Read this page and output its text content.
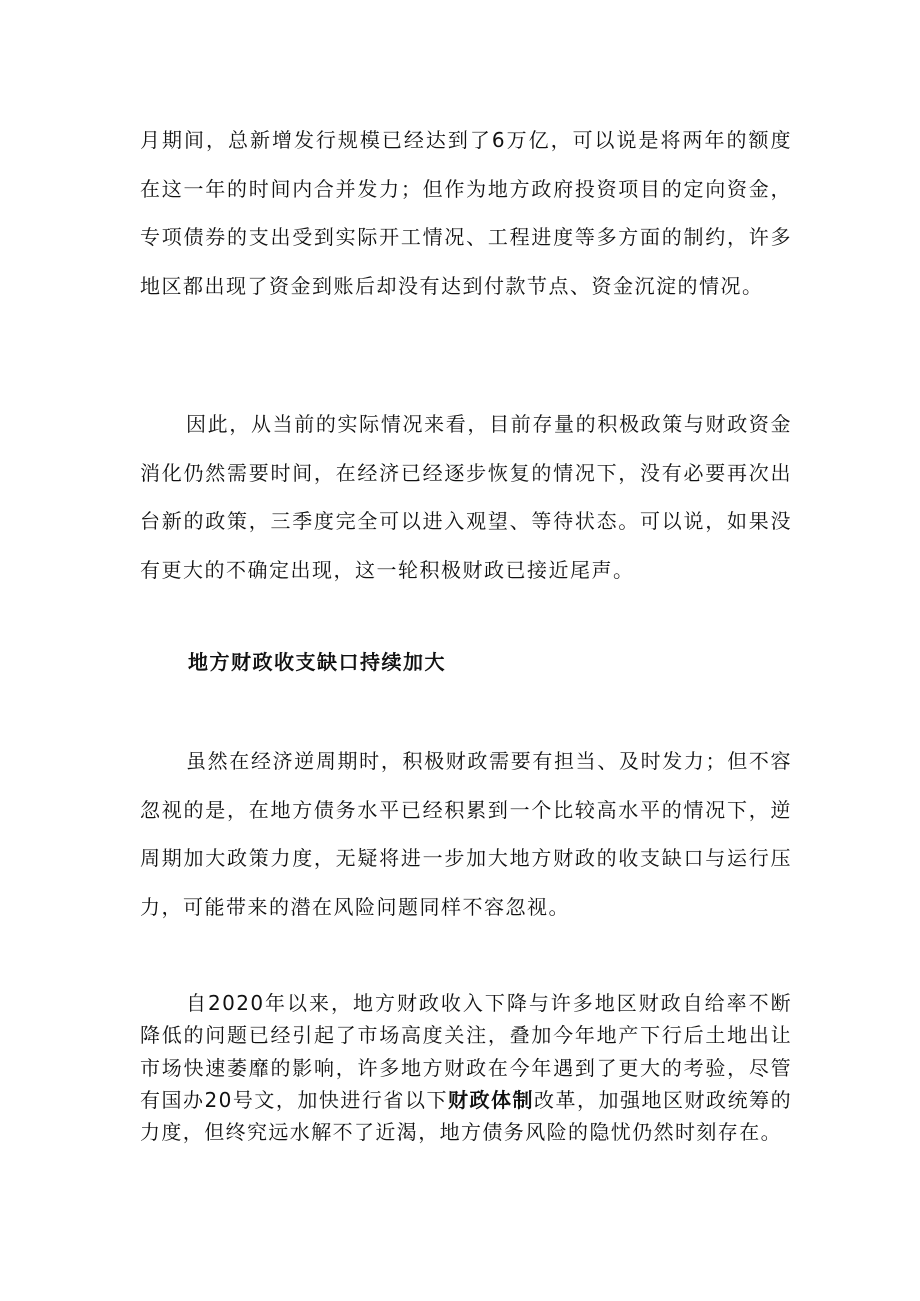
月期间，总新增发行规模已经达到了6万亿，可以说是将两年的额度在这一年的时间内合并发力；但作为地方政府投资项目的定向资金，专项债券的支出受到实际开工情况、工程进度等多方面的制约，许多地区都出现了资金到账后却没有达到付款节点、资金沉淀的情况。

因此，从当前的实际情况来看，目前存量的积极政策与财政资金消化仍然需要时间，在经济已经逐步恢复的情况下，没有必要再次出台新的政策，三季度完全可以进入观望、等待状态。可以说，如果没有更大的不确定出现，这一轮积极财政已接近尾声。

地方财政收支缺口持续加大

虽然在经济逆周期时，积极财政需要有担当、及时发力；但不容忽视的是，在地方债务水平已经积累到一个比较高水平的情况下，逆周期加大政策力度，无疑将进一步加大地方财政的收支缺口与运行压力，可能带来的潜在风险问题同样不容忽视。

自2020年以来，地方财政收入下降与许多地区财政自给率不断降低的问题已经引起了市场高度关注，叠加今年地产下行后土地出让市场快速萎靡的影响，许多地方财政在今年遇到了更大的考验，尽管有国办20号文，加快进行省以下财政体制改革，加强地区财政统筹的力度，但终究远水解不了近渴，地方债务风险的隐忧仍然时刻存在。
